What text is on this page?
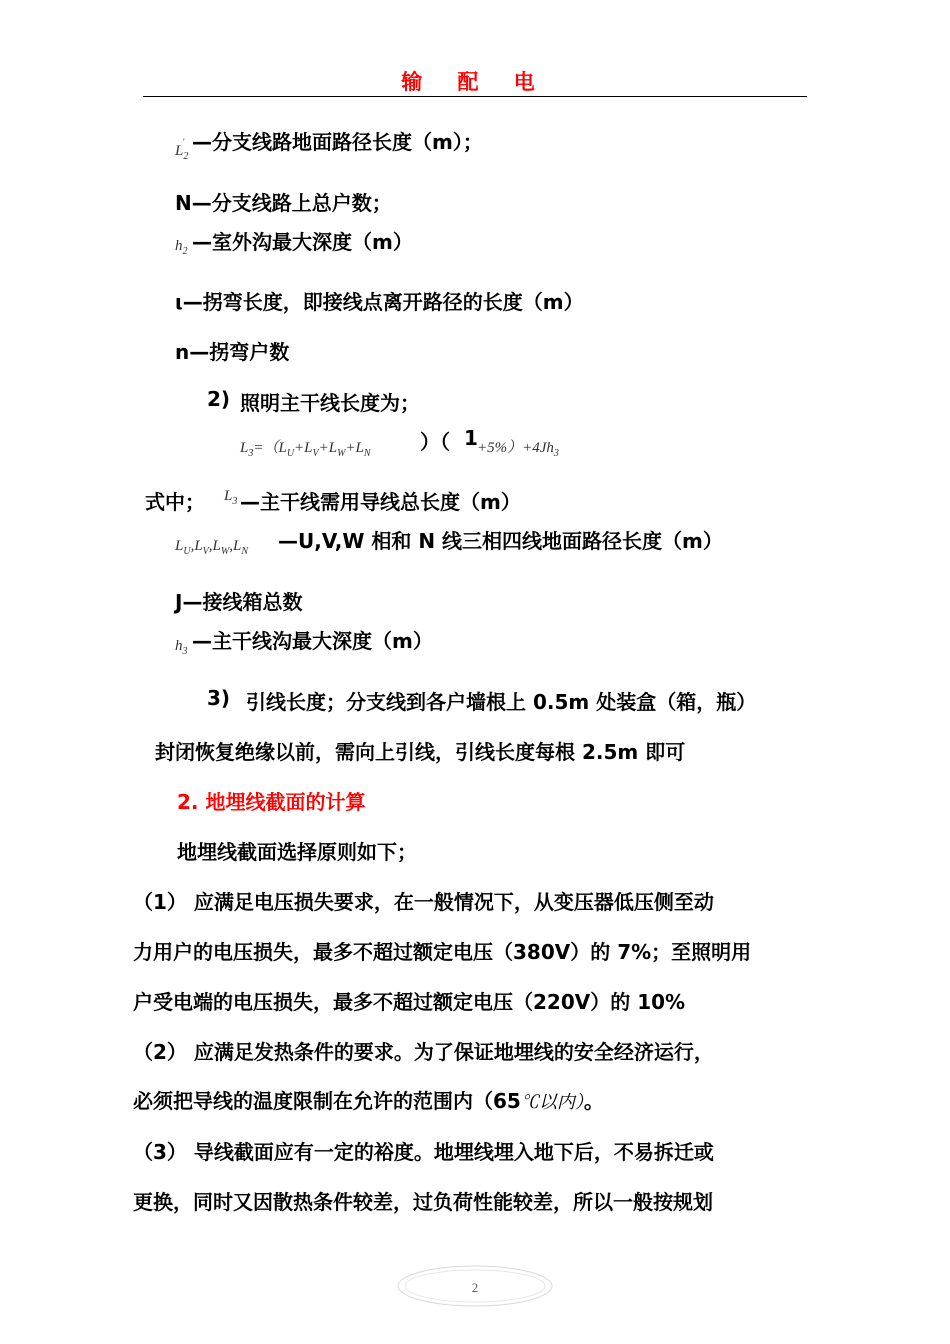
输 配 电
$L_2'$ —分支线路地面路径长度（m）；
N—分支线路上总户数；
$h_2$ —室外沟最大深度（m）
ι—拐弯长度，即接线点离开路径的长度（m）
n—拐弯户数
2) 照明主干线长度为；
$L_3=(L_U+L_V+L_W+L_N$ ）（ $1 +5\%)+4Jh_3$
式中； $L_3$ —主干线需用导线总长度（m）
$L_U,L_V,L_W,L_N$ —U,V,W 相和 N 线三相四线地面路径长度（m）
J—接线箱总数
$h_3$ —主干线沟最大深度（m）
3) 引线长度；分支线到各户墙根上 0.5m 处装盒（箱，瓶）
封闭恢复绝缘以前，需向上引线，引线长度每根 2.5m 即可
2. 地埋线截面的计算
地埋线截面选择原则如下；
（1） 应满足电压损失要求，在一般情况下，从变压器低压侧至动
力用户的电压损失，最多不超过额定电压（380V）的 7%；至照明用
户受电端的电压损失，最多不超过额定电压（220V）的 10%
（2） 应满足发热条件的要求。为了保证地埋线的安全经济运行，
必须把导线的温度限制在允许的范围内（65℃以内）。
（3） 导线截面应有一定的裕度。地埋线埋入地下后，不易拆迁或
更换，同时又因散热条件较差，过负荷性能较差，所以一般按规划
2
